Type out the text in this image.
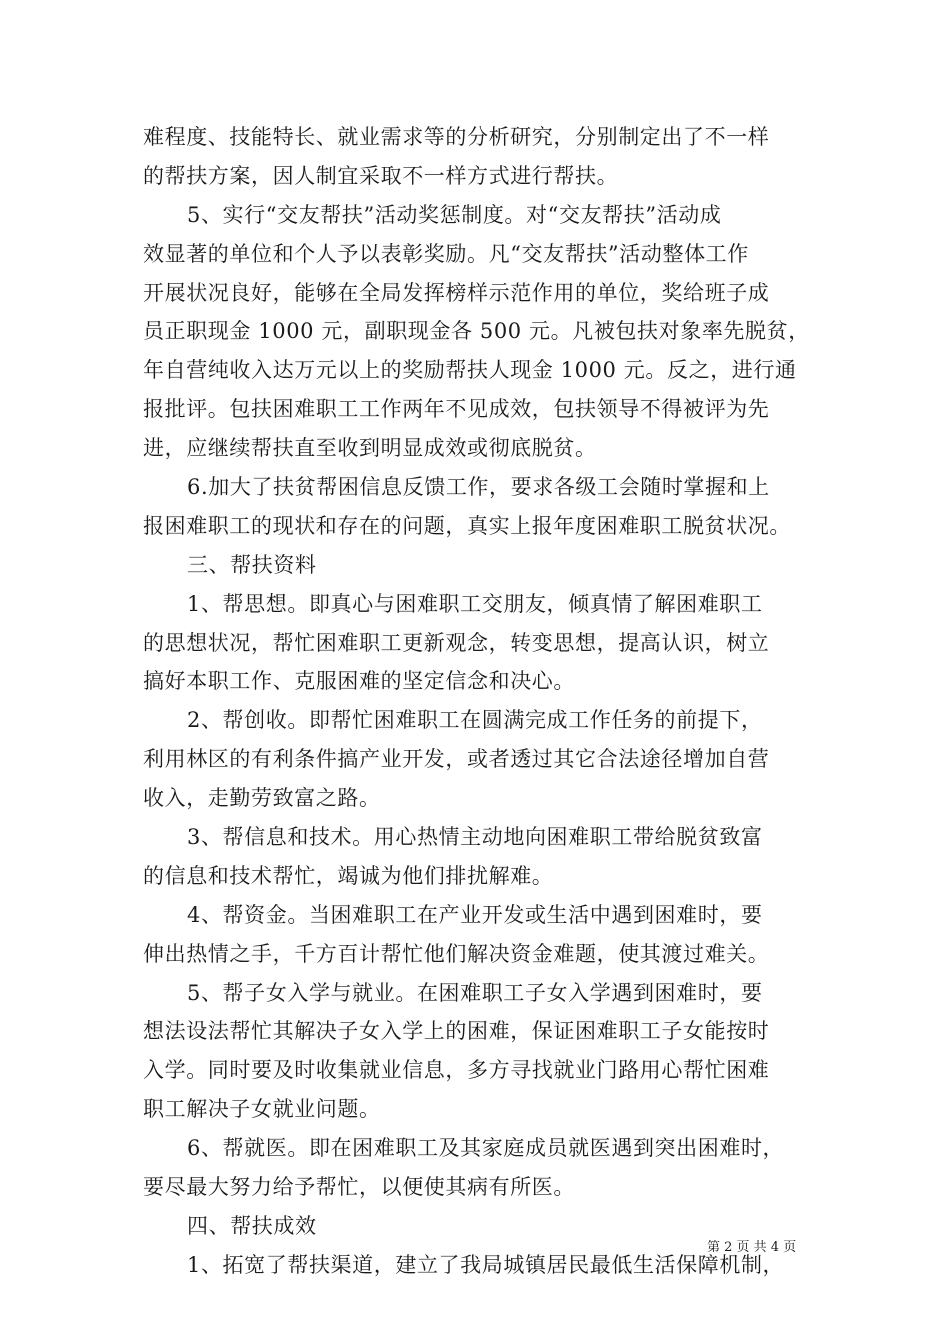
难程度、技能特长、就业需求等的分析研究，分别制定出了不一样
的帮扶方案，因人制宜采取不一样方式进行帮扶。
5、实行“交友帮扶”活动奖惩制度。对“交友帮扶”活动成
效显著的单位和个人予以表彰奖励。凡“交友帮扶”活动整体工作
开展状况良好，能够在全局发挥榜样示范作用的单位，奖给班子成
员正职现金 1000 元，副职现金各 500 元。凡被包扶对象率先脱贫，
年自营纯收入达万元以上的奖励帮扶人现金 1000 元。反之，进行通
报批评。包扶困难职工工作两年不见成效，包扶领导不得被评为先
进，应继续帮扶直至收到明显成效或彻底脱贫。
6.加大了扶贫帮困信息反馈工作，要求各级工会随时掌握和上
报困难职工的现状和存在的问题，真实上报年度困难职工脱贫状况。
三、帮扶资料
1、帮思想。即真心与困难职工交朋友，倾真情了解困难职工
的思想状况，帮忙困难职工更新观念，转变思想，提高认识，树立
搞好本职工作、克服困难的坚定信念和决心。
2、帮创收。即帮忙困难职工在圆满完成工作任务的前提下，
利用林区的有利条件搞产业开发，或者透过其它合法途径增加自营
收入，走勤劳致富之路。
3、帮信息和技术。用心热情主动地向困难职工带给脱贫致富
的信息和技术帮忙，竭诚为他们排扰解难。
4、帮资金。当困难职工在产业开发或生活中遇到困难时，要
伸出热情之手，千方百计帮忙他们解决资金难题，使其渡过难关。
5、帮子女入学与就业。在困难职工子女入学遇到困难时，要
想法设法帮忙其解决子女入学上的困难，保证困难职工子女能按时
入学。同时要及时收集就业信息，多方寻找就业门路用心帮忙困难
职工解决子女就业问题。
6、帮就医。即在困难职工及其家庭成员就医遇到突出困难时，
要尽最大努力给予帮忙，以便使其病有所医。
四、帮扶成效
1、拓宽了帮扶渠道，建立了我局城镇居民最低生活保障机制，
第 2 页 共 4 页
